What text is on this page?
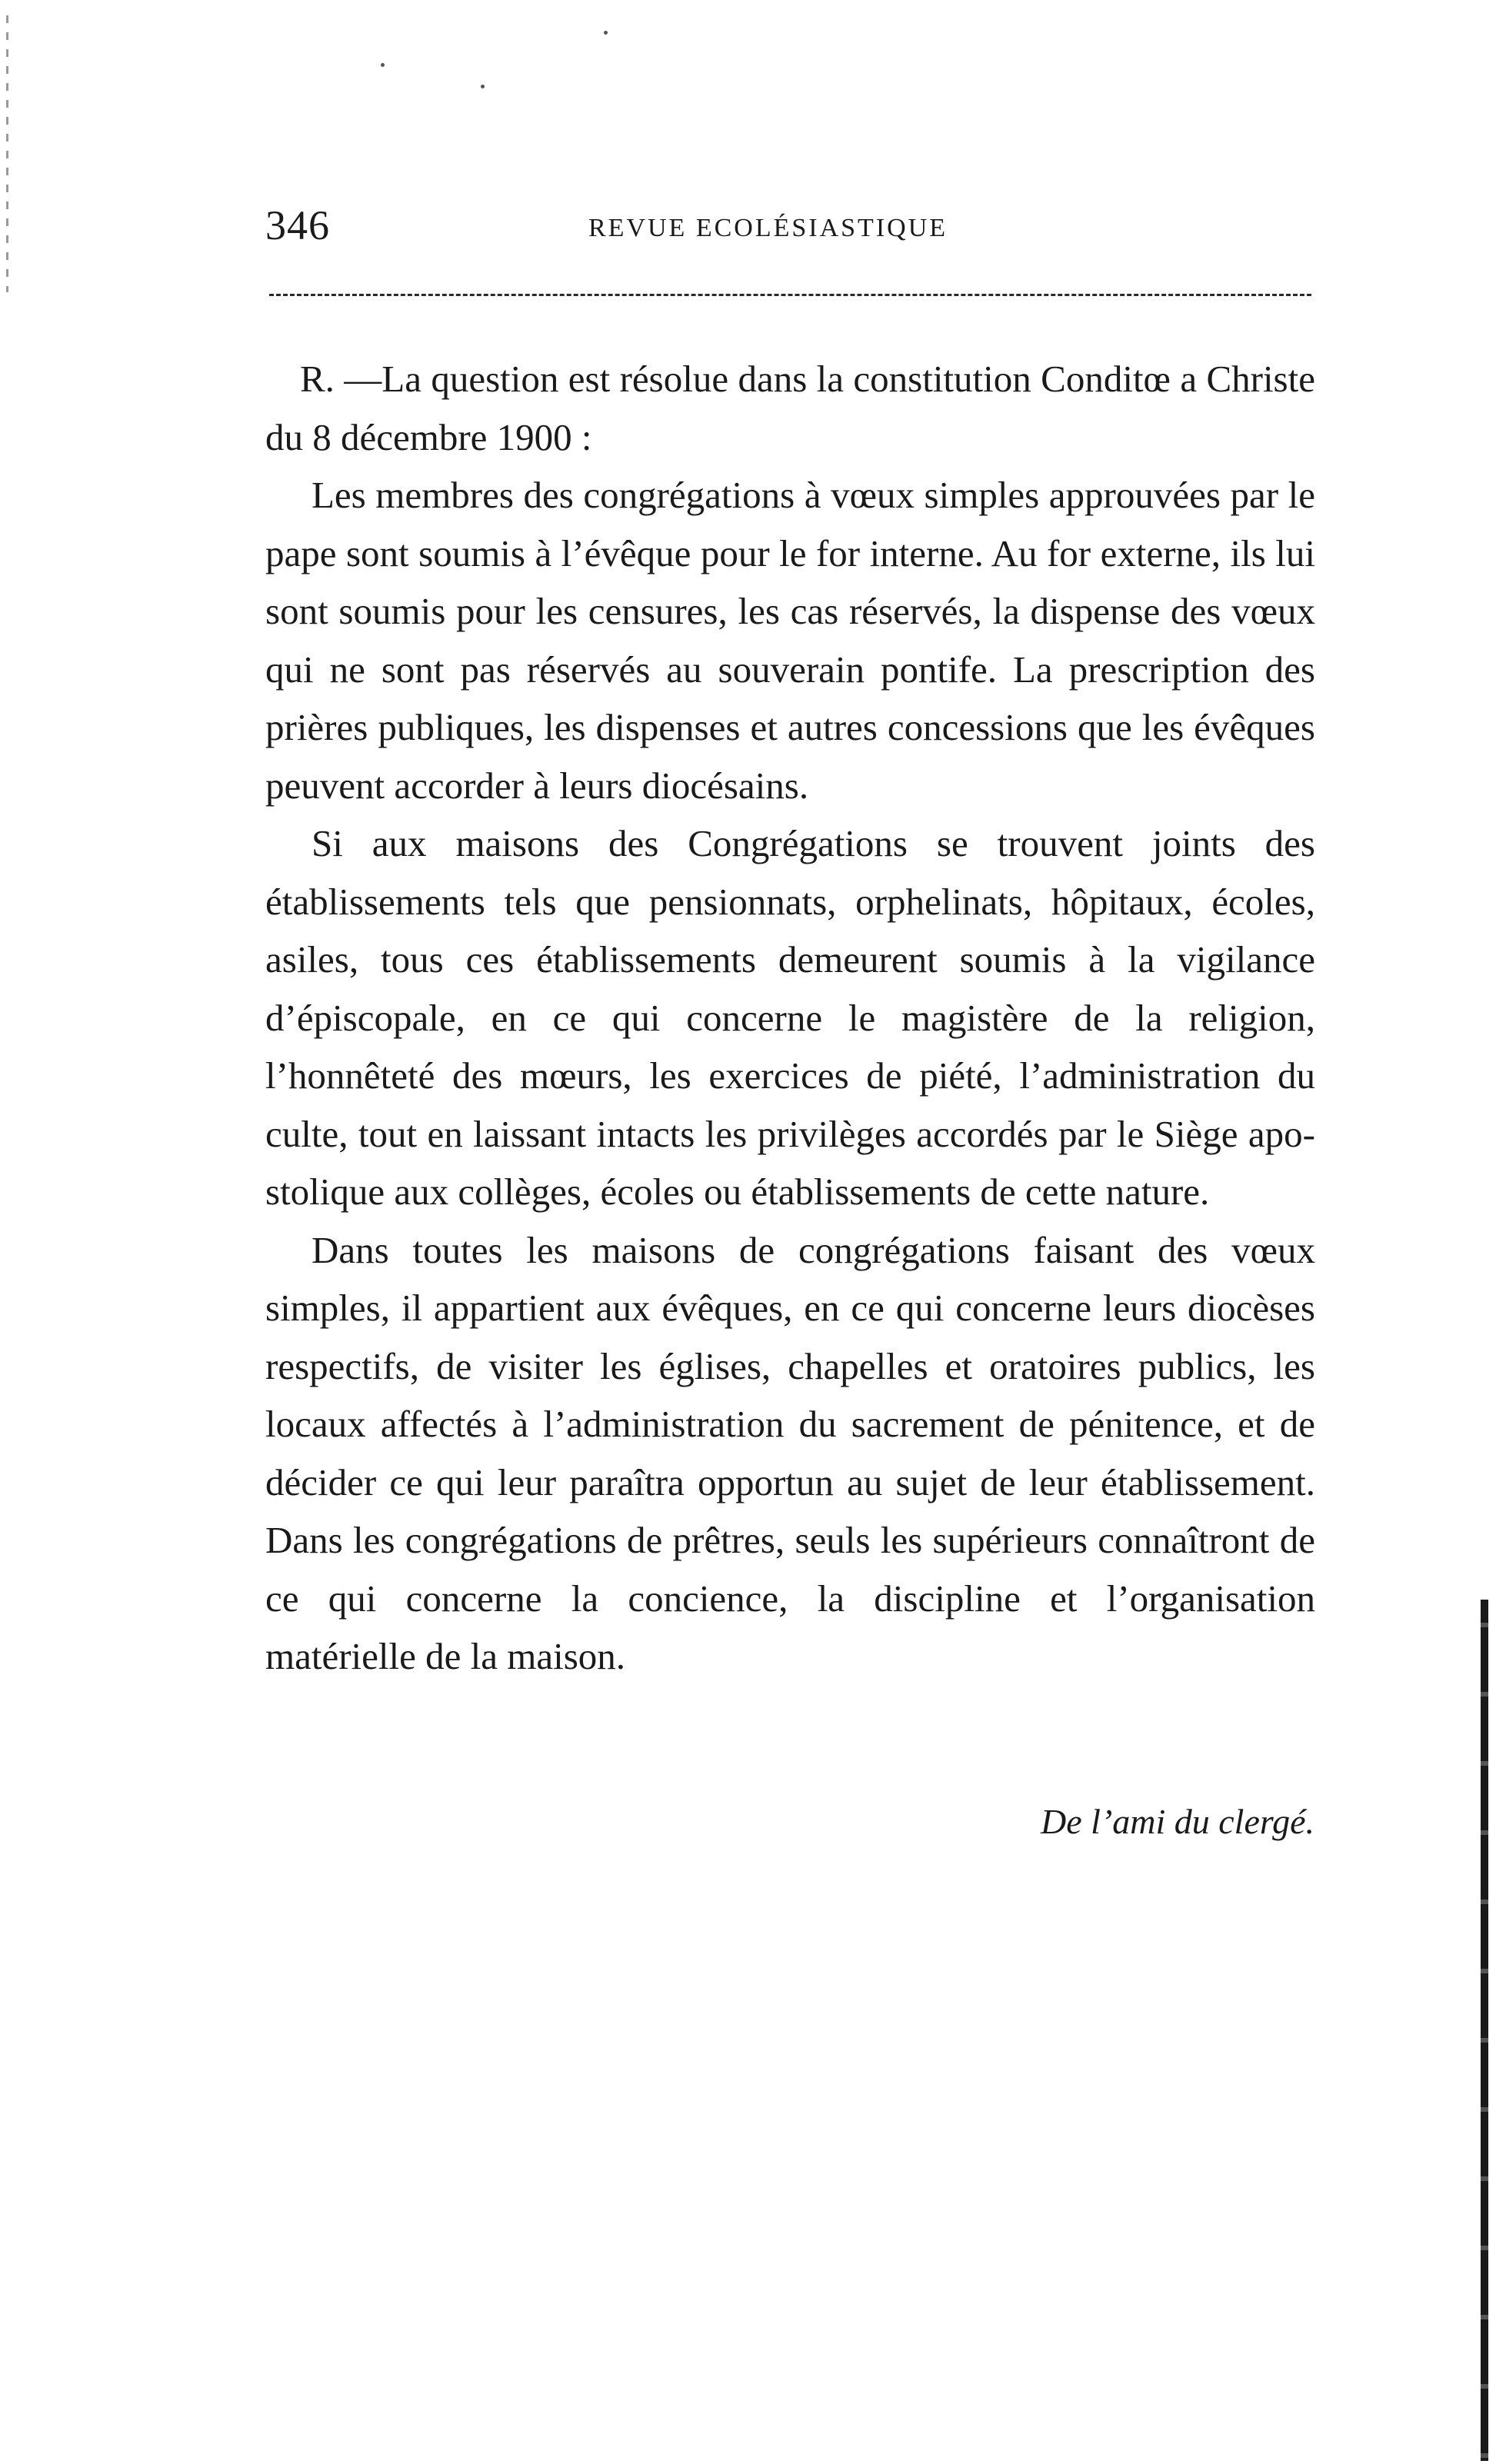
346	REVUE ECOLÉSIASTIQUE

R. —La question est résolue dans la constitution Conditœ a Christe du 8 décembre 1900 :

Les membres des congrégations à vœux simples approuvées par le pape sont soumis à l’évêque pour le for interne. Au for externe, ils lui sont soumis pour les censures, les cas réservés, la dispense des vœux qui ne sont pas réservés au souverain pontife. La prescription des prières publiques, les dispenses et autres concessions que les évêques peuvent accorder à leurs diocésains.

Si aux maisons des Congrégations se trouvent joints des établissements tels que pensionnats, orphelinats, hôpitaux, écoles, asiles, tous ces établissements demeurent soumis à la vigilance d’épiscopale, en ce qui concerne le magistère de la religion, l’honnêteté des mœurs, les exercices de piété, l’administration du culte, tout en laissant intacts les privilèges accordés par le Siège apostolique aux collèges, écoles ou établissements de cette nature.

Dans toutes les maisons de congrégations faisant des vœux simples, il appartient aux évêques, en ce qui concerne leurs diocèses respectifs, de visiter les églises, chapelles et oratoires publics, les locaux affectés à l’administration du sacrement de pénitence, et de décider ce qui leur paraîtra opportun au sujet de leur établissement. Dans les congrégations de prêtres, seuls les supérieurs connaîtront de ce qui concerne la concience, la discipline et l’organisation matérielle de la maison.

De l’ami du clergé.
